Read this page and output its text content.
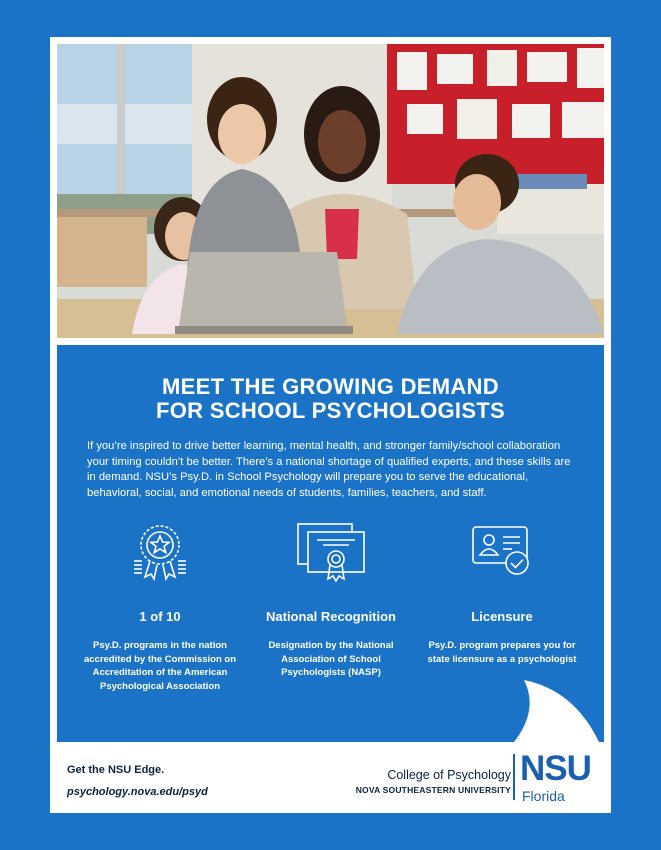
MEET THE GROWING DEMAND
FOR SCHOOL PSYCHOLOGISTS
If you’re inspired to drive better learning, mental health, and stronger family/school collaboration your timing couldn’t be better. There’s a national shortage of qualified experts, and these skills are in demand. NSU’s Psy.D. in School Psychology will prepare you to serve the educational, behavioral, social, and emotional needs of students, families, teachers, and staff.
1 of 10
Psy.D. programs in the nation accredited by the Commission on Accreditation of the American Psychological Association
National Recognition
Designation by the National Association of School Psychologists (NASP)
Licensure
Psy.D. program prepares you for state licensure as a psychologist
Get the NSU Edge.
psychology.nova.edu/psyd
College of Psychology
NOVA SOUTHEASTERN UNIVERSITY
NSU
Florida
